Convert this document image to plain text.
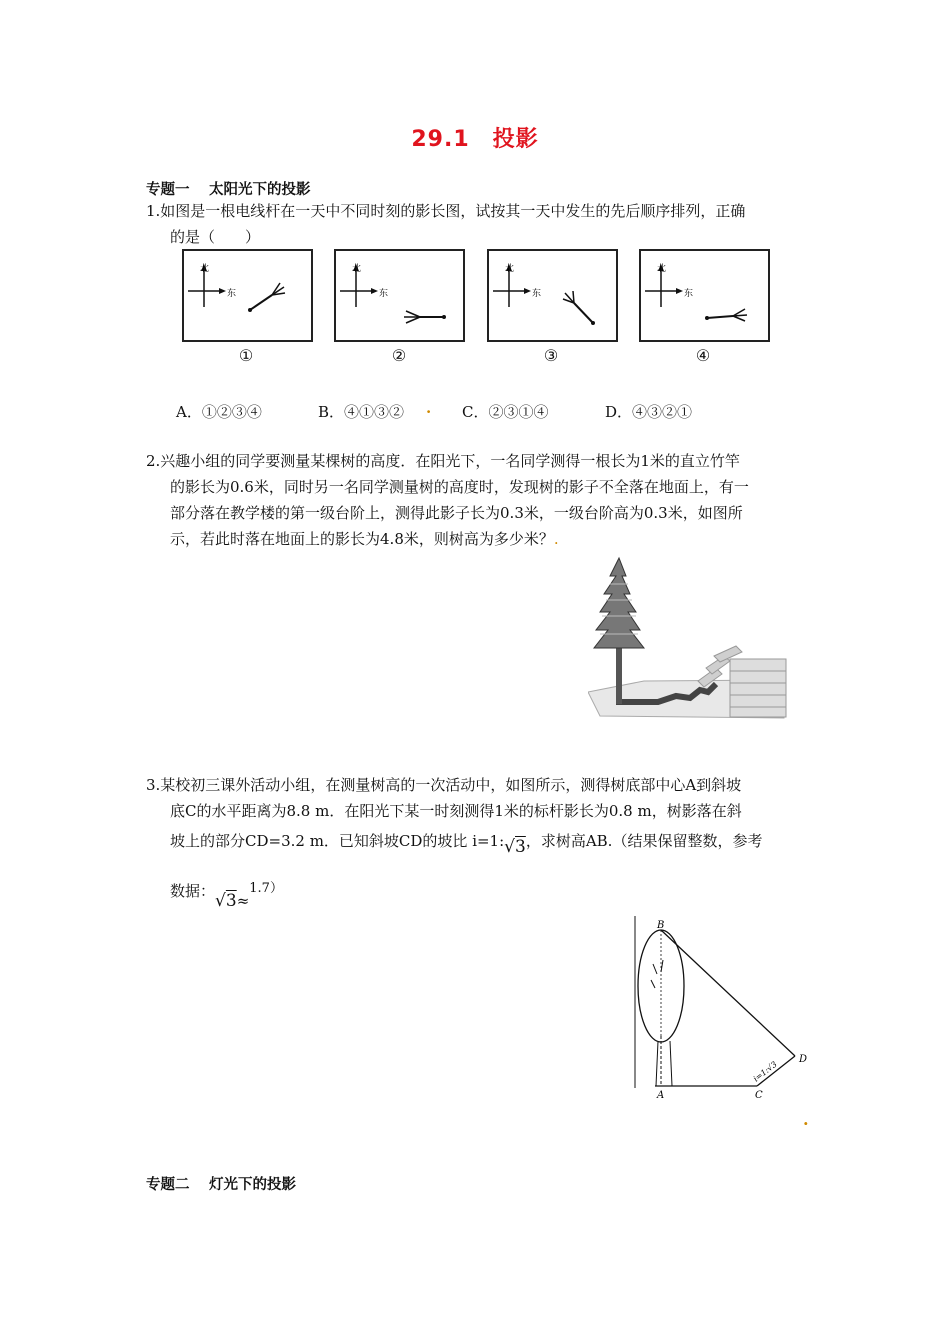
29.1　投影
专题一　 太阳光下的投影
1.如图是一根电线杆在一天中不同时刻的影长图，试按其一天中发生的先后顺序排列，正确
的是（　　）
北
东
北
东
北
东
北
东
①	②	③	④
A．①②③④	B．④①③② . C．②③①④	D．④③②①
2.兴趣小组的同学要测量某棵树的高度．在阳光下，一名同学测得一根长为1米的直立竹竿
的影长为0.6米，同时另一名同学测量树的高度时，发现树的影子不全落在地面上，有一
部分落在教学楼的第一级台阶上，测得此影子长为0.3米，一级台阶高为0.3米，如图所
示，若此时落在地面上的影长为4.8米，则树高为多少米？.
3.某校初三课外活动小组，在测量树高的一次活动中，如图所示，测得树底部中心A到斜坡
底C的水平距离为8.8 m．在阳光下某一时刻测得1米的标杆影长为0.8 m，树影落在斜
坡上的部分CD=3.2 m．已知斜坡CD的坡比 i=1:√3，求树高AB.（结果保留整数，参考
数据：√3≈1.7）
B
A	C
D
i=1:√3
.
专题二　 灯光下的投影
